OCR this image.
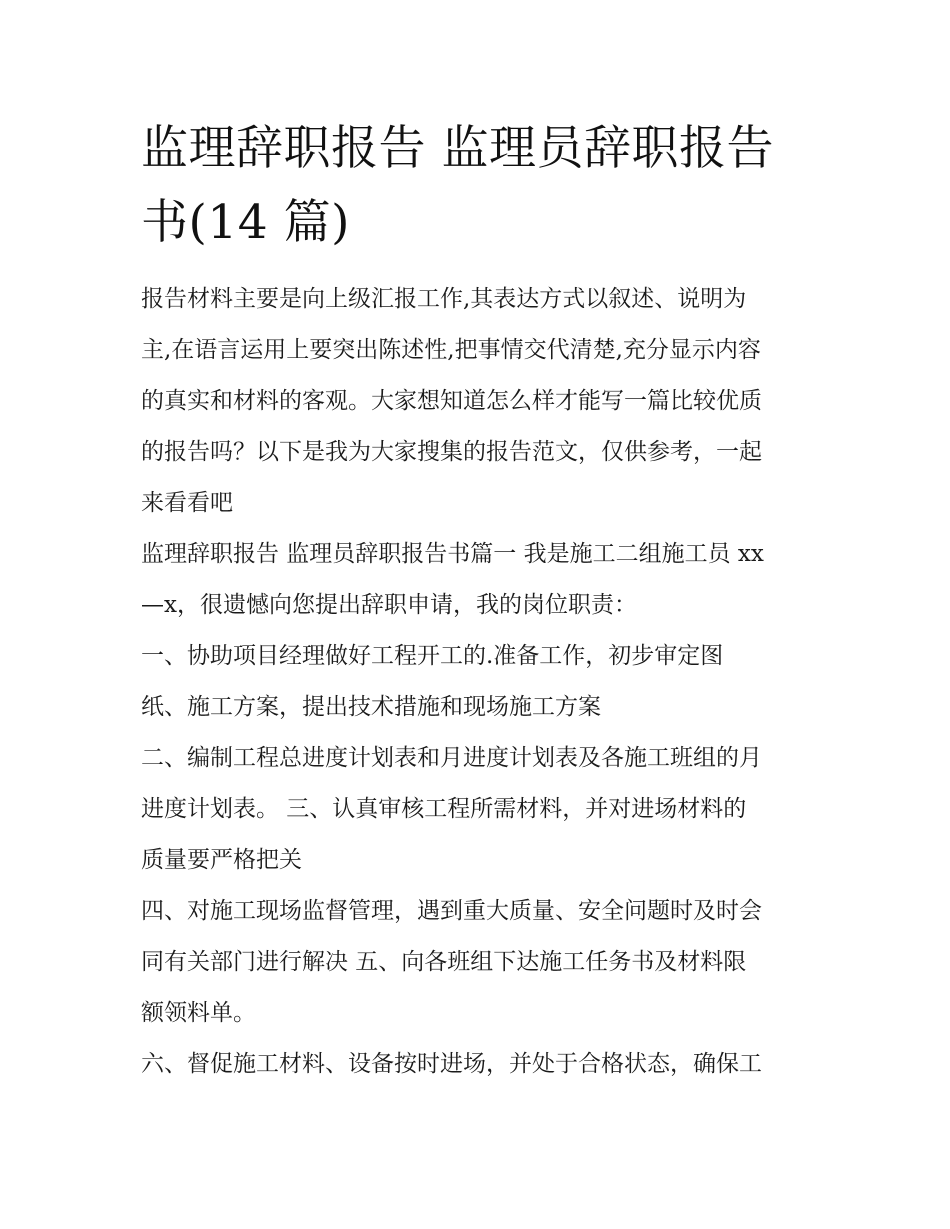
监理辞职报告 监理员辞职报告
书(14 篇)

报告材料主要是向上级汇报工作,其表达方式以叙述、说明为
主,在语言运用上要突出陈述性,把事情交代清楚,充分显示内容
的真实和材料的客观。大家想知道怎么样才能写一篇比较优质
的报告吗？以下是我为大家搜集的报告范文，仅供参考，一起
来看看吧

监理辞职报告 监理员辞职报告书篇一 我是施工二组施工员 xx
—x，很遗憾向您提出辞职申请，我的岗位职责：

一、协助项目经理做好工程开工的.准备工作，初步审定图
纸、施工方案，提出技术措施和现场施工方案

二、编制工程总进度计划表和月进度计划表及各施工班组的月
进度计划表。 三、认真审核工程所需材料，并对进场材料的
质量要严格把关

四、对施工现场监督管理，遇到重大质量、安全问题时及时会
同有关部门进行解决 五、向各班组下达施工任务书及材料限
额领料单。

六、督促施工材料、设备按时进场，并处于合格状态，确保工
